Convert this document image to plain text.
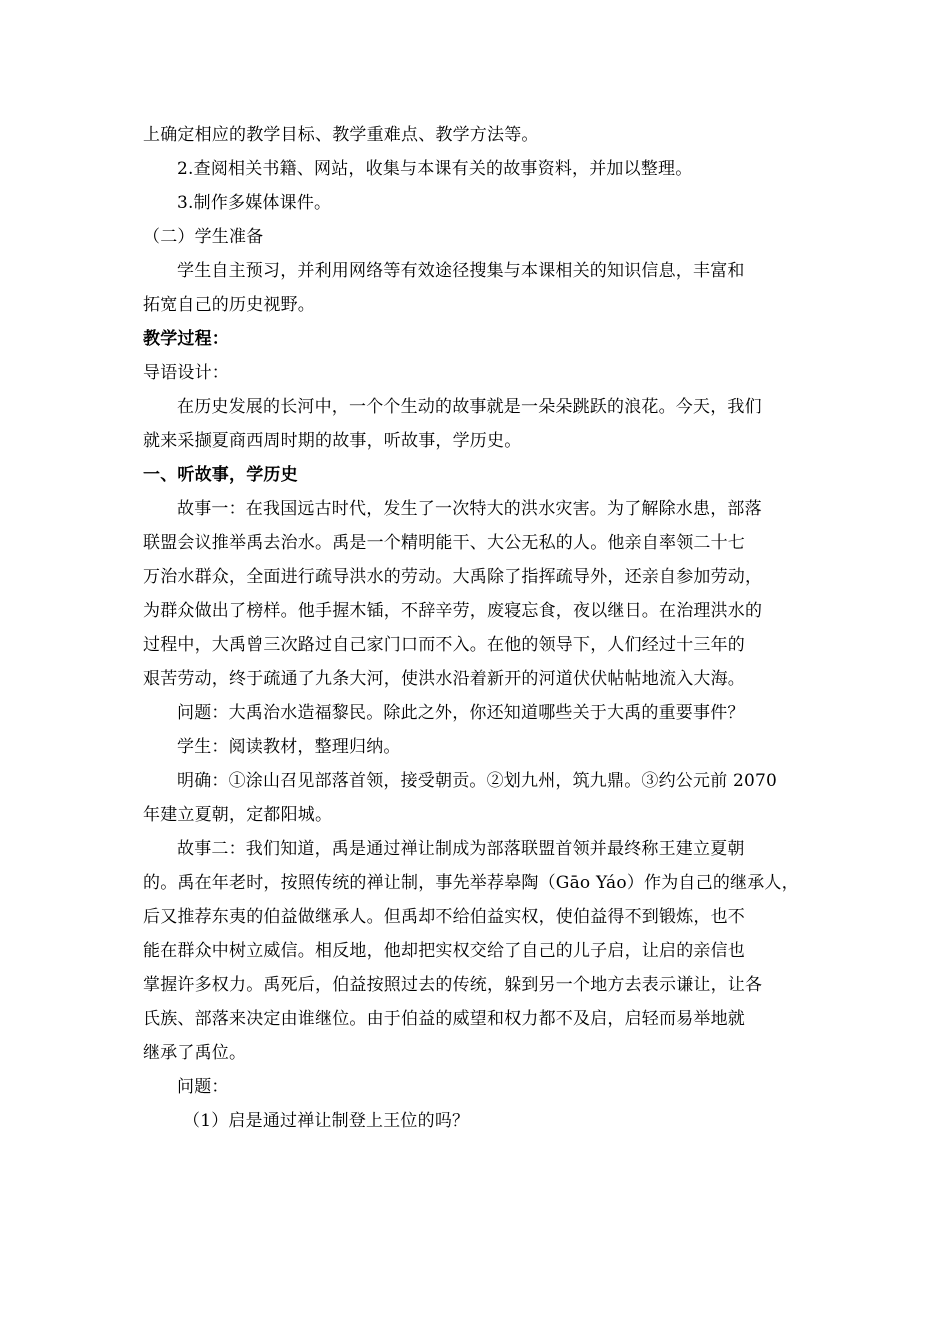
上确定相应的教学目标、教学重难点、教学方法等。
2.查阅相关书籍、网站，收集与本课有关的故事资料，并加以整理。
3.制作多媒体课件。
（二）学生准备
学生自主预习，并利用网络等有效途径搜集与本课相关的知识信息，丰富和
拓宽自己的历史视野。
教学过程：
导语设计：
在历史发展的长河中，一个个生动的故事就是一朵朵跳跃的浪花。今天，我们
就来采撷夏商西周时期的故事，听故事，学历史。
一、听故事，学历史
故事一：在我国远古时代，发生了一次特大的洪水灾害。为了解除水患，部落
联盟会议推举禹去治水。禹是一个精明能干、大公无私的人。他亲自率领二十七
万治水群众，全面进行疏导洪水的劳动。大禹除了指挥疏导外，还亲自参加劳动，
为群众做出了榜样。他手握木锸，不辞辛劳，废寝忘食，夜以继日。在治理洪水的
过程中，大禹曾三次路过自己家门口而不入。在他的领导下，人们经过十三年的
艰苦劳动，终于疏通了九条大河，使洪水沿着新开的河道伏伏帖帖地流入大海。
问题：大禹治水造福黎民。除此之外，你还知道哪些关于大禹的重要事件？
学生：阅读教材，整理归纳。
明确：①涂山召见部落首领，接受朝贡。②划九州，筑九鼎。③约公元前 2070
年建立夏朝，定都阳城。
故事二：我们知道，禹是通过禅让制成为部落联盟首领并最终称王建立夏朝
的。禹在年老时，按照传统的禅让制，事先举荐皋陶（Gāo Yáo）作为自己的继承人，
后又推荐东夷的伯益做继承人。但禹却不给伯益实权，使伯益得不到锻炼，也不
能在群众中树立威信。相反地，他却把实权交给了自己的儿子启，让启的亲信也
掌握许多权力。禹死后，伯益按照过去的传统，躲到另一个地方去表示谦让，让各
氏族、部落来决定由谁继位。由于伯益的威望和权力都不及启，启轻而易举地就
继承了禹位。
问题：
（1）启是通过禅让制登上王位的吗？
